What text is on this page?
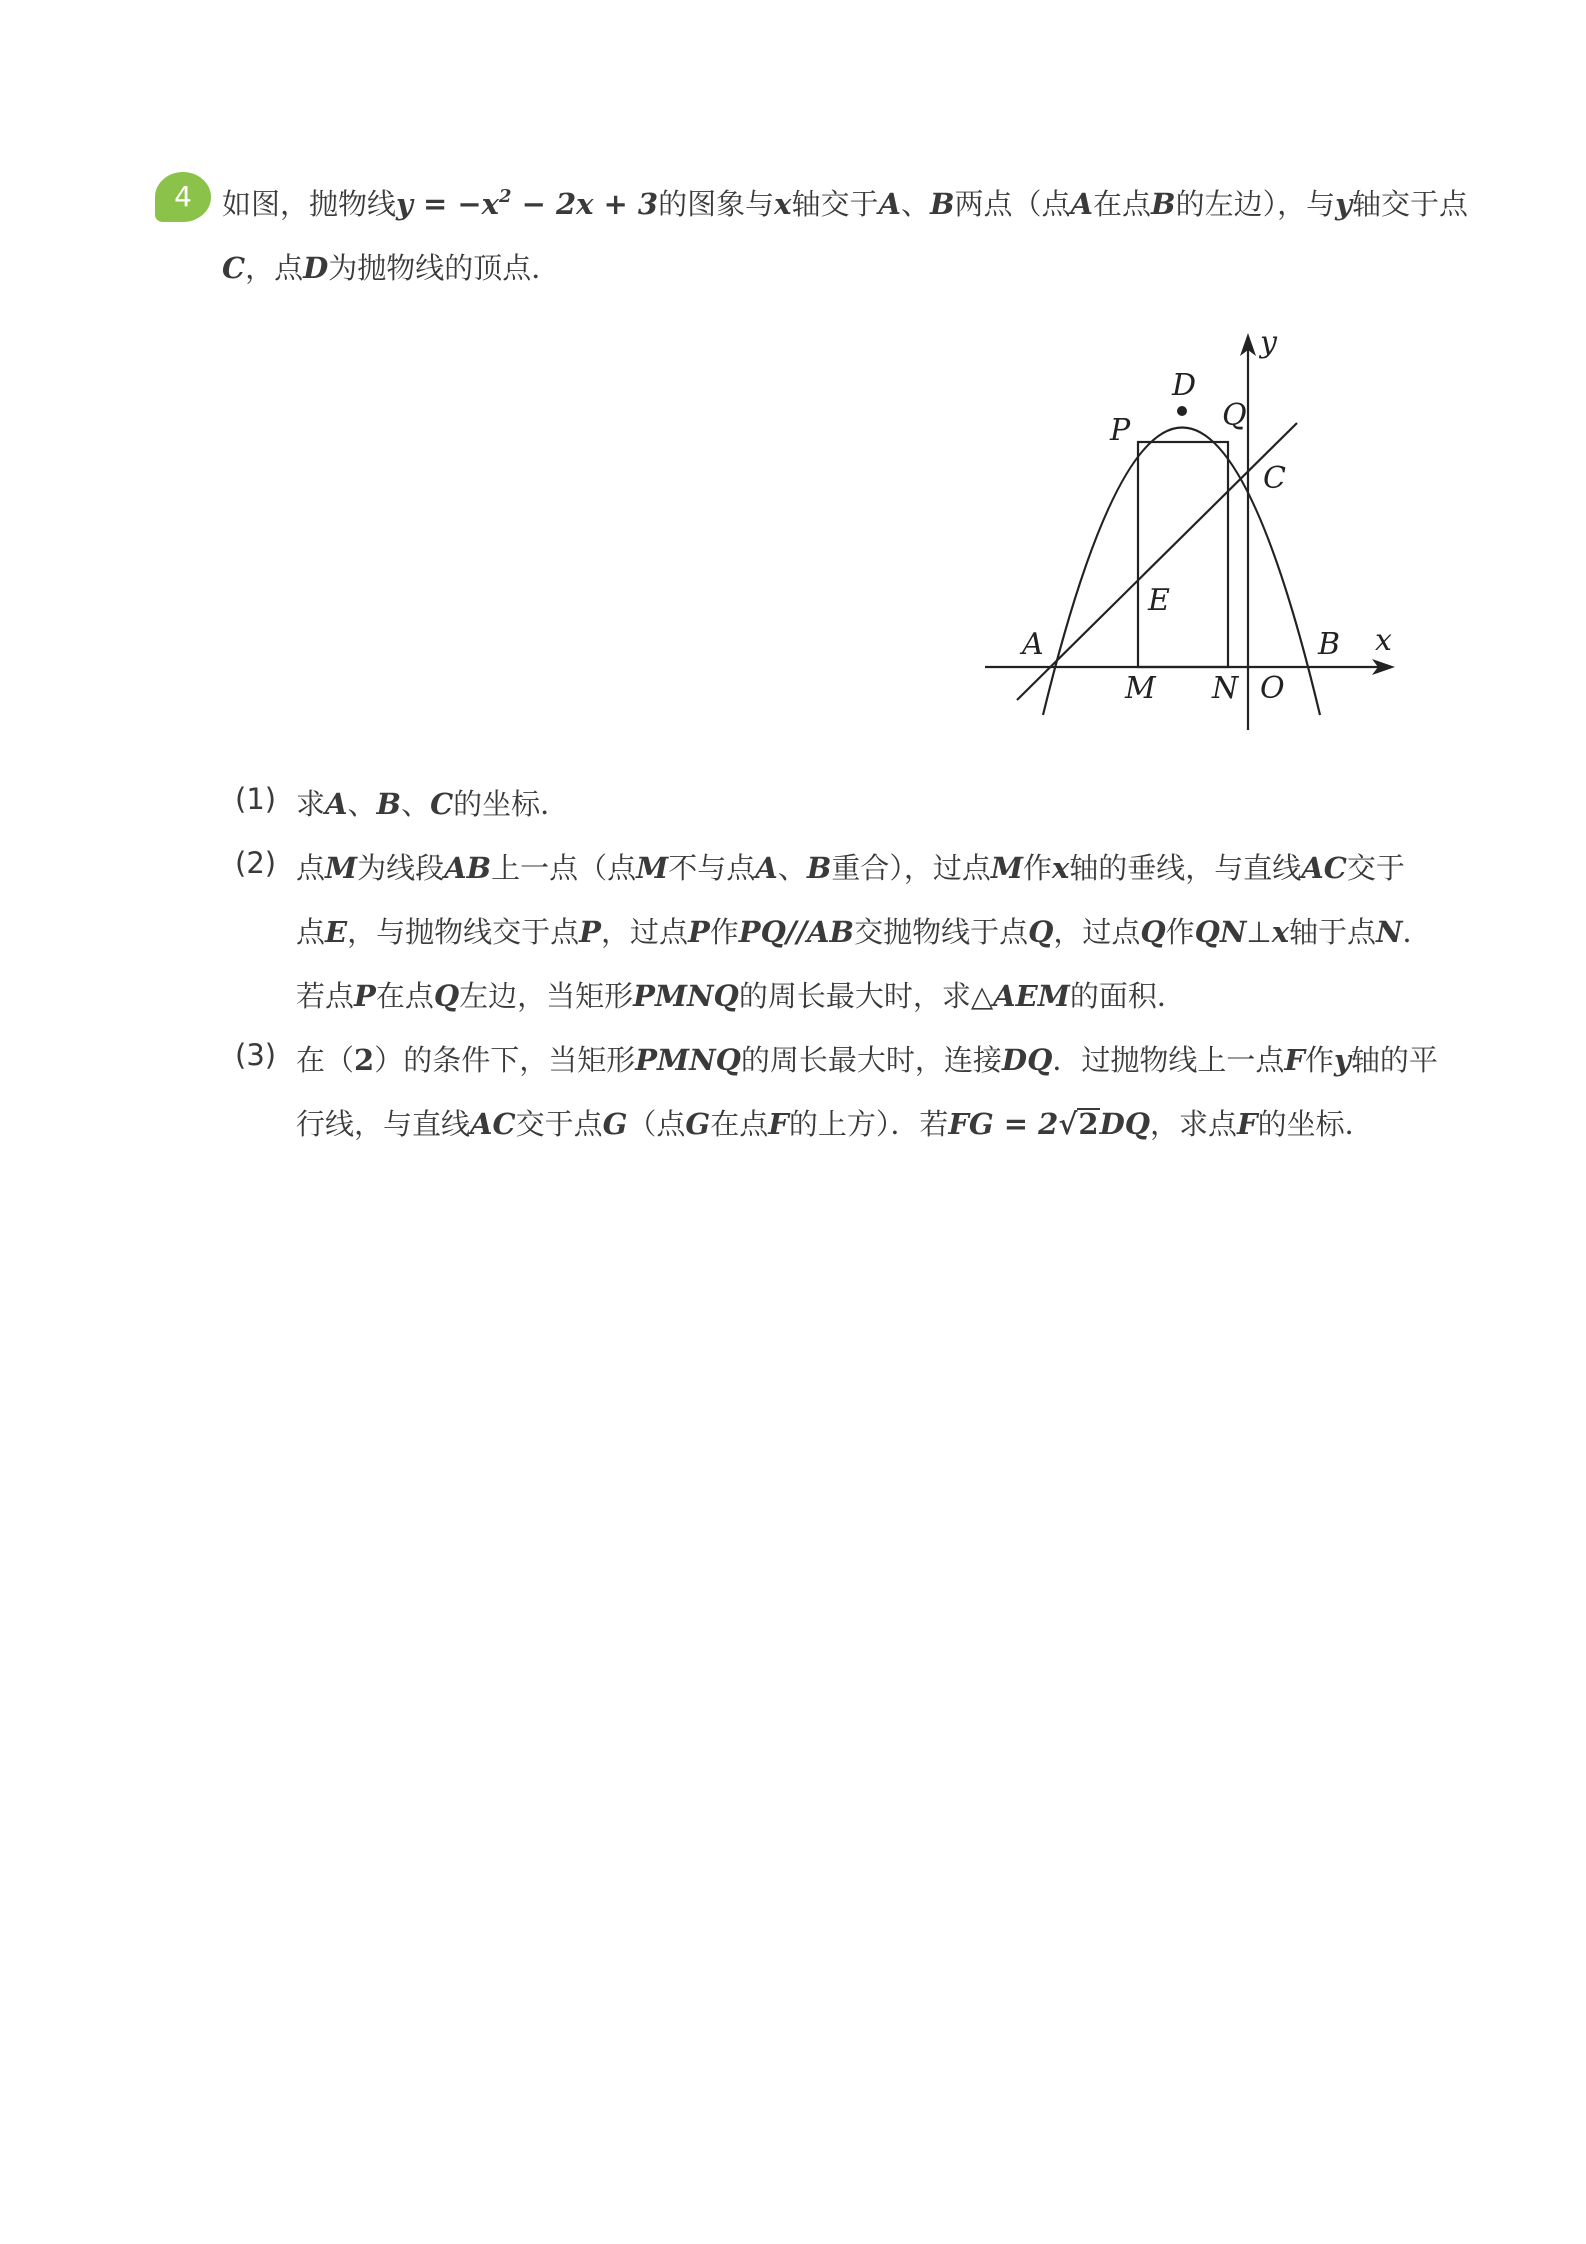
4	如图，抛物线$y = -x^2 - 2x + 3$的图象与x轴交于A、B两点（点A在点B的左边），与y轴交于点
C，点D为抛物线的顶点．
y
x
D
P	Q
C
E
A	B
M N O
(1) 求A、B、C的坐标．
(2) 点M为线段AB上一点（点M不与点A、B重合），过点M作x轴的垂线，与直线AC交于
点E，与抛物线交于点P，过点P作PQ//AB交抛物线于点Q，过点Q作QN⊥x轴于点N．
若点P在点Q左边，当矩形PMNQ的周长最大时，求△AEM的面积．
(3) 在（2）的条件下，当矩形PMNQ的周长最大时，连接DQ．过抛物线上一点F作y轴的平
行线，与直线AC交于点G（点G在点F的上方）．若FG = 2√2DQ，求点F的坐标．
